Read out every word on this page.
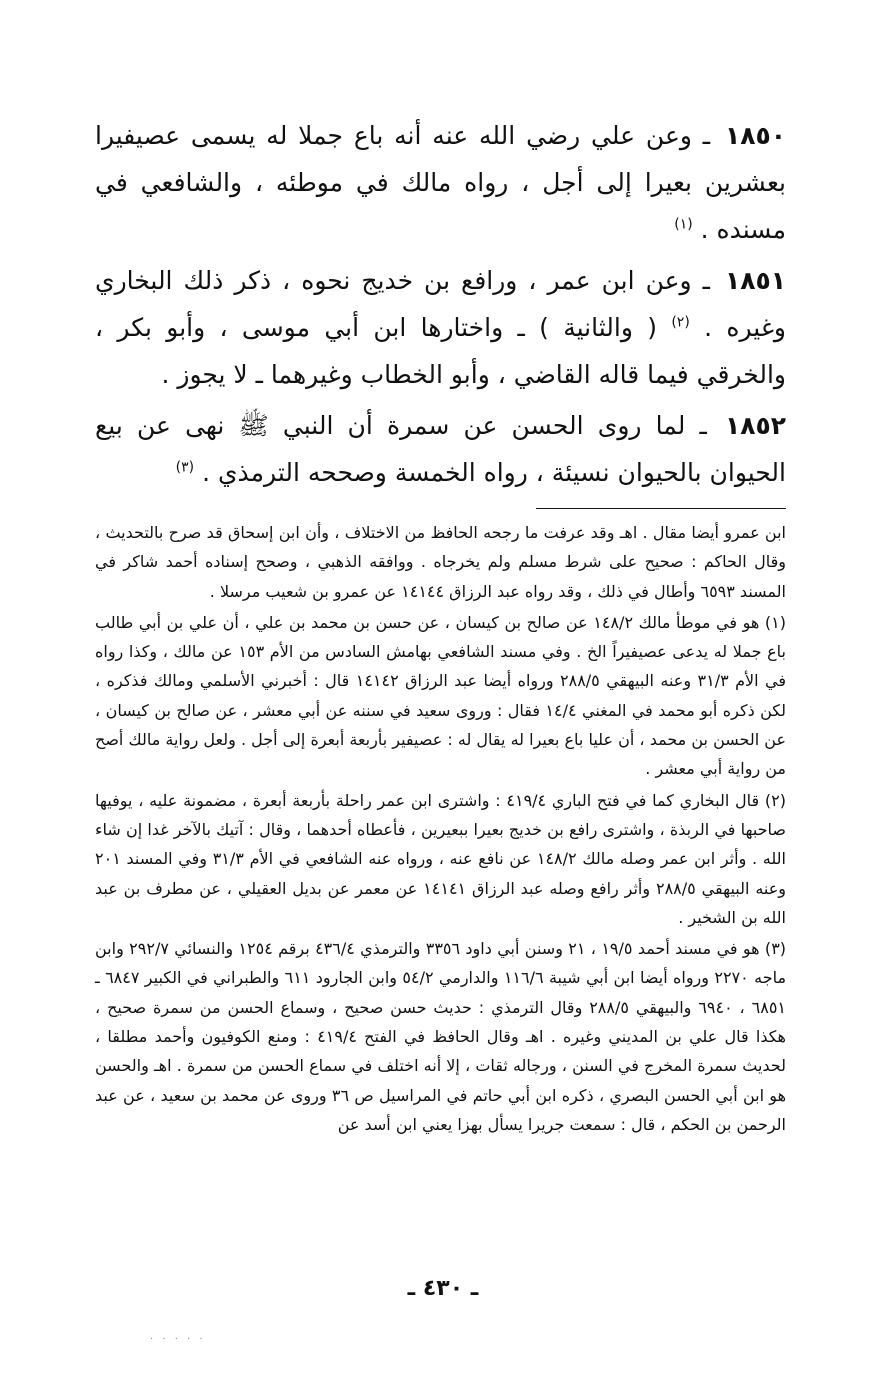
١٨٥٠ ـ وعن علي رضي الله عنه أنه باع جملا له يسمى عصيفيرا بعشرين بعيرا إلى أجل ، رواه مالك في موطئه ، والشافعي في مسنده . $^{(١)}$

١٨٥١ ـ وعن ابن عمر ، ورافع بن خديج نحوه ، ذكر ذلك البخاري وغيره . $^{(٢)}$ ( والثانية ) ـ واختارها ابن أبي موسى ، وأبو بكر ، والخرقي فيما قاله القاضي ، وأبو الخطاب وغيرهما ـ لا يجوز .

١٨٥٢ ـ لما روى الحسن عن سمرة أن النبي ﷺ نهى عن بيع الحيوان بالحيوان نسيئة ، رواه الخمسة وصححه الترمذي . $^{(٣)}$

ابن عمرو أيضا مقال . اهـ وقد عرفت ما رجحه الحافظ من الاختلاف ، وأن ابن إسحاق قد صرح بالتحديث ، وقال الحاكم : صحيح على شرط مسلم ولم يخرجاه . ووافقه الذهبي ، وصحح إسناده أحمد شاكر في المسند ٦٥٩٣ وأطال في ذلك ، وقد رواه عبد الرزاق ١٤١٤٤ عن عمرو بن شعيب مرسلا .

(١) هو في موطأ مالك ١٤٨/٢ عن صالح بن كيسان ، عن حسن بن محمد بن علي ، أن علي بن أبي طالب باع جملا له يدعى عصيفيراً الخ . وفي مسند الشافعي بهامش السادس من الأم ١٥٣ عن مالك ، وكذا رواه في الأم ٣١/٣ وعنه البيهقي ٢٨٨/٥ ورواه أيضا عبد الرزاق ١٤١٤٢ قال : أخبرني الأسلمي ومالك فذكره ، لكن ذكره أبو محمد في المغني ١٤/٤ فقال : وروى سعيد في سننه عن أبي معشر ، عن صالح بن كيسان ، عن الحسن بن محمد ، أن عليا باع بعيرا له يقال له : عصيفير بأربعة أبعرة إلى أجل . ولعل رواية مالك أصح من رواية أبي معشر .

(٢) قال البخاري كما في فتح الباري ٤١٩/٤ : واشترى ابن عمر راحلة بأربعة أبعرة ، مضمونة عليه ، يوفيها صاحبها في الربذة ، واشترى رافع بن خديج بعيرا ببعيرين ، فأعطاه أحدهما ، وقال : آتيك بالآخر غدا إن شاء الله . وأثر ابن عمر وصله مالك ١٤٨/٢ عن نافع عنه ، ورواه عنه الشافعي في الأم ٣١/٣ وفي المسند ٢٠١ وعنه البيهقي ٢٨٨/٥ وأثر رافع وصله عبد الرزاق ١٤١٤١ عن معمر عن بديل العقيلي ، عن مطرف بن عبد الله بن الشخير .

(٣) هو في مسند أحمد ١٩/٥ ، ٢١ وسنن أبي داود ٣٣٥٦ والترمذي ٤٣٦/٤ برقم ١٢٥٤ والنسائي ٢٩٢/٧ وابن ماجه ٢٢٧٠ ورواه أيضا ابن أبي شيبة ١١٦/٦ والدارمي ٥٤/٢ وابن الجارود ٦١١ والطبراني في الكبير ٦٨٤٧ ـ ٦٨٥١ ، ٦٩٤٠ والبيهقي ٢٨٨/٥ وقال الترمذي : حديث حسن صحيح ، وسماع الحسن من سمرة صحيح ، هكذا قال علي بن المديني وغيره . اهـ وقال الحافظ في الفتح ٤١٩/٤ : ومنع الكوفيون وأحمد مطلقا ، لحديث سمرة المخرج في السنن ، ورجاله ثقات ، إلا أنه اختلف في سماع الحسن من سمرة . اهـ والحسن هو ابن أبي الحسن البصري ، ذكره ابن أبي حاتم في المراسيل ص ٣٦ وروى عن محمد بن سعيد ، عن عبد الرحمن بن الحكم ، قال : سمعت جريرا يسأل بهزا يعني ابن أسد عن

ـ ٤٣٠ ـ
· · · · ·
